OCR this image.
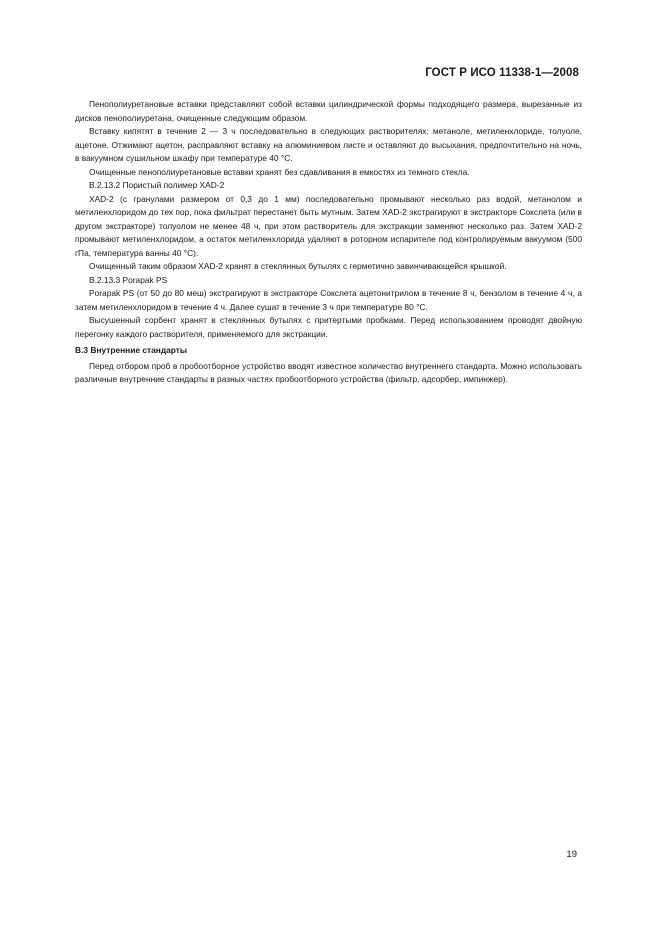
ГОСТ Р ИСО 11338-1—2008

Пенополиуретановые вставки представляют собой вставки цилиндрической формы подходящего размера, вырезанные из дисков пенополиуретана, очищенные следующим образом.

Вставку кипятят в течение 2 — 3 ч последовательно в следующих растворителях: метаноле, метиленхлориде, толуоле, ацетоне. Отжимают ацетон, расправляют вставку на алюминиевом листе и оставляют до высыхания, предпочтительно на ночь, в вакуумном сушильном шкафу при температуре 40 °С.

Очищенные пенополиуретановые вставки хранят без сдавливания в емкостях из темного стекла.

В.2.13.2 Пористый полимер XAD-2

XAD-2 (с гранулами размером от 0,3 до 1 мм) последовательно промывают несколько раз водой, метанолом и метиленхлоридом до тех пор, пока фильтрат перестанет быть мутным. Затем XAD-2 экстрагируют в экстракторе Сокслета (или в другом экстракторе) толуолом не менее 48 ч, при этом растворитель для экстракции заменяют несколько раз. Затем XAD-2 промывают метиленхлоридом, а остаток метиленхлорида удаляют в роторном испарителе под контролируемым вакуумом (500 гПа, температура ванны 40 °С).

Очищенный таким образом XAD-2 хранят в стеклянных бутылях с герметично завинчивающейся крышкой.

В.2.13.3 Porapak PS

Porapak PS (от 50 до 80 меш) экстрагируют в экстракторе Сокслета ацетонитрилом в течение 8 ч, бензолом в течение 4 ч, а затем метиленхлоридом в течение 4 ч. Далее сушат в течение 3 ч при температуре 80 °С.

Высушенный сорбент хранят в стеклянных бутылях с притертыми пробками. Перед использованием проводят двойную перегонку каждого растворителя, применяемого для экстракции.

В.3 Внутренние стандарты

Перед отбором проб в пробоотборное устройство вводят известное количество внутреннего стандарта. Можно использовать различные внутренние стандарты в разных частях пробоотборного устройства (фильтр, адсорбер, импинжер).

19
